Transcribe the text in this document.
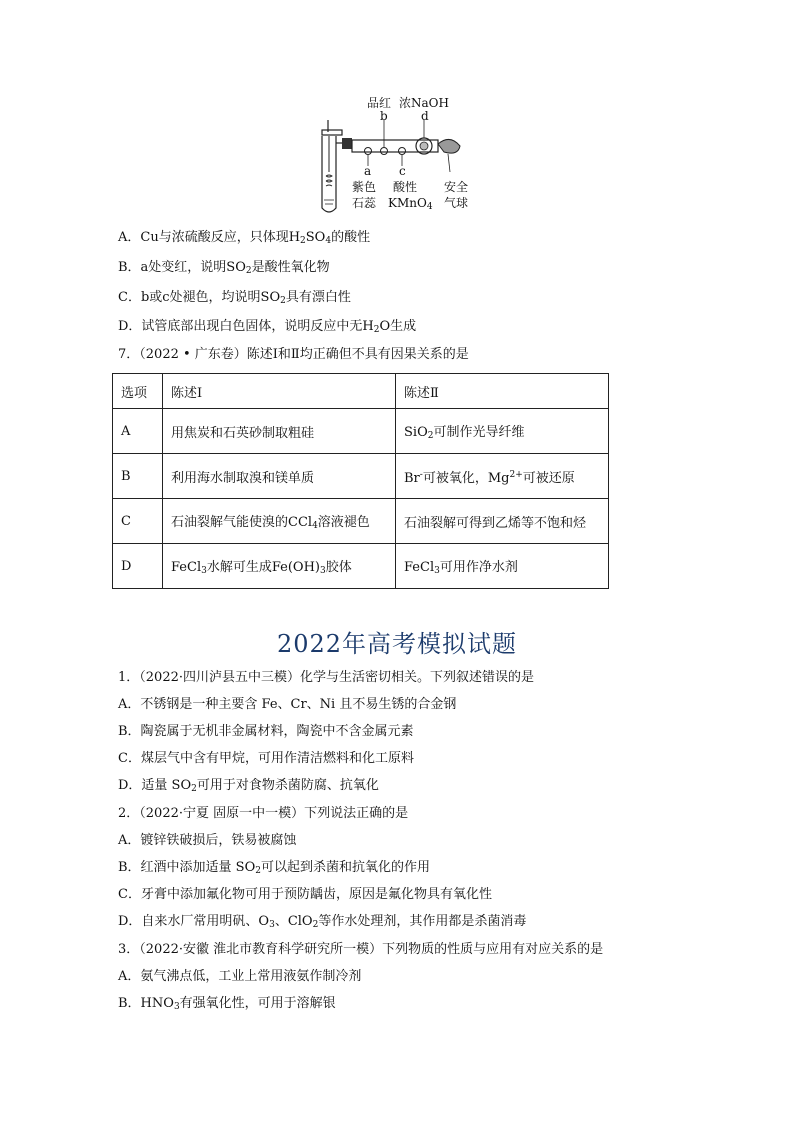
品红 浓NaOH
b	d
a c
紫色
石蕊
酸性
KMnO$_4$
安全
气球
A．Cu与浓硫酸反应，只体现$H_2SO_4$的酸性
B．a处变红，说明$SO_2$是酸性氧化物
C．b或c处褪色，均说明$SO_2$具有漂白性
D．试管底部出现白色固体，说明反应中无$H_2O$生成
7．（2022 • 广东卷）陈述Ⅰ和Ⅱ均正确但不具有因果关系的是
选项	陈述Ⅰ	陈述Ⅱ
A	用焦炭和石英砂制取粗硅	SiO$_2$可制作光导纤维
B	利用海水制取溴和镁单质	Br-可被氧化，$Mg^{2+}$可被还原
C	石油裂解气能使溴的CCl$_4$溶液褪色	石油裂解可得到乙烯等不饱和烃
D	FeCl$_3$水解可生成$Fe(OH)_3$胶体	FeCl$_3$可用作净水剂
2022年高考模拟试题
1．（2022·四川泸县五中三模）化学与生活密切相关。下列叙述错误的是
A．不锈钢是一种主要含 Fe、Cr、Ni 且不易生锈的合金钢
B．陶瓷属于无机非金属材料，陶瓷中不含金属元素
C．煤层气中含有甲烷，可用作清洁燃料和化工原料
D．适量 $SO_2$可用于对食物杀菌防腐、抗氧化
2．（2022·宁夏 固原一中一模）下列说法正确的是
A．镀锌铁破损后，铁易被腐蚀
B．红酒中添加适量 $SO_2$可以起到杀菌和抗氧化的作用
C．牙膏中添加氟化物可用于预防龋齿，原因是氟化物具有氧化性
D．自来水厂常用明矾、$O_3$、ClO$_2$等作水处理剂，其作用都是杀菌消毒
3．（2022·安徽 淮北市教育科学研究所一模）下列物质的性质与应用有对应关系的是
A．氨气沸点低，工业上常用液氨作制冷剂
B．$HNO_3$有强氧化性，可用于溶解银
